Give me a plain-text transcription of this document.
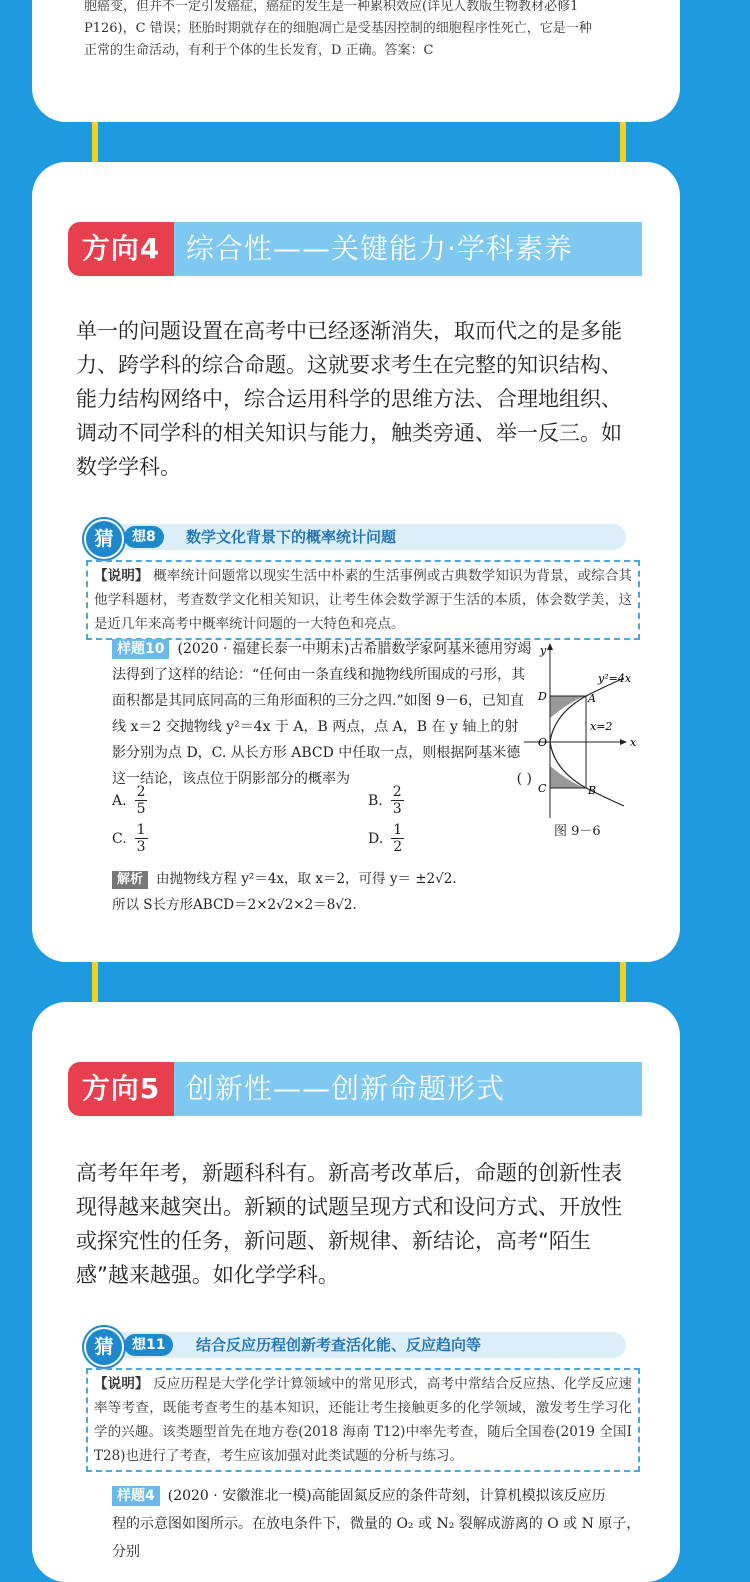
胞癌变，但并不一定引发癌症，癌症的发生是一种累积效应(详见人教版生物教材必修1
P126)，C 错误；胚胎时期就存在的细胞凋亡是受基因控制的细胞程序性死亡，它是一种
正常的生命活动，有利于个体的生长发育，D 正确。答案：C
方向4 综合性——关键能力·学科素养

单一的问题设置在高考中已经逐渐消失，取而代之的是多能力、跨学科的综合命题。这就要求考生在完整的知识结构、能力结构网络中，综合运用科学的思维方法、合理地组织、调动不同学科的相关知识与能力，触类旁通、举一反三。如数学学科。

猜	想8	数学文化背景下的概率统计问题
【说明】 概率统计问题常以现实生活中朴素的生活事例或古典数学知识为背景，或综合其他学科题材，考查数学文化相关知识，让考生体会数学源于生活的本质，体会数学美，这是近几年来高考中概率统计问题的一大特色和亮点。

样题10 (2020 · 福建长泰一中期末)古希腊数学家阿基米德用穷竭法得到了这样的结论：“任何由一条直线和抛物线所围成的弓形，其面积都是其同底同高的三角形面积的三分之四.”如图 9－6，已知直线 x＝2 交抛物线 y²＝4x 于 A，B 两点，点 A，B 在 y 轴上的射影分别为点 D，C. 从长方形 ABCD 中任取一点，则根据阿基米德这一结论，该点位于阴影部分的概率为	( )

y
x
O
D	A
B
C
y²=4x
x=2
图 9－6
A. $\frac{2}{5}$	B. $\frac{2}{3}$
C. $\frac{1}{3}$	D. $\frac{1}{2}$
解析 由抛物线方程 y²＝4x，取 x＝2，可得 y＝ ±2√2.
所以 S长方形ABCD＝2×2√2×2＝8√2.
方向5 创新性——创新命题形式

高考年年考，新题科科有。新高考改革后，命题的创新性表现得越来越突出。新颖的试题呈现方式和设问方式、开放性或探究性的任务，新问题、新规律、新结论，高考“陌生感”越来越强。如化学学科。

猜	想11	结合反应历程创新考查活化能、反应趋向等
【说明】 反应历程是大学化学计算领域中的常见形式，高考中常结合反应热、化学反应速率等考查，既能考查考生的基本知识，还能让考生接触更多的化学领域，激发考生学习化学的兴趣。该类题型首先在地方卷(2018 海南 T12)中率先考查，随后全国卷(2019 全国Ⅰ T28)也进行了考查，考生应该加强对此类试题的分析与练习。
样题4 (2020 · 安徽淮北一模)高能固氮反应的条件苛刻，计算机模拟该反应历
程的示意图如图所示。在放电条件下，微量的 O₂ 或 N₂ 裂解成游离的 O 或 N 原子，分别
